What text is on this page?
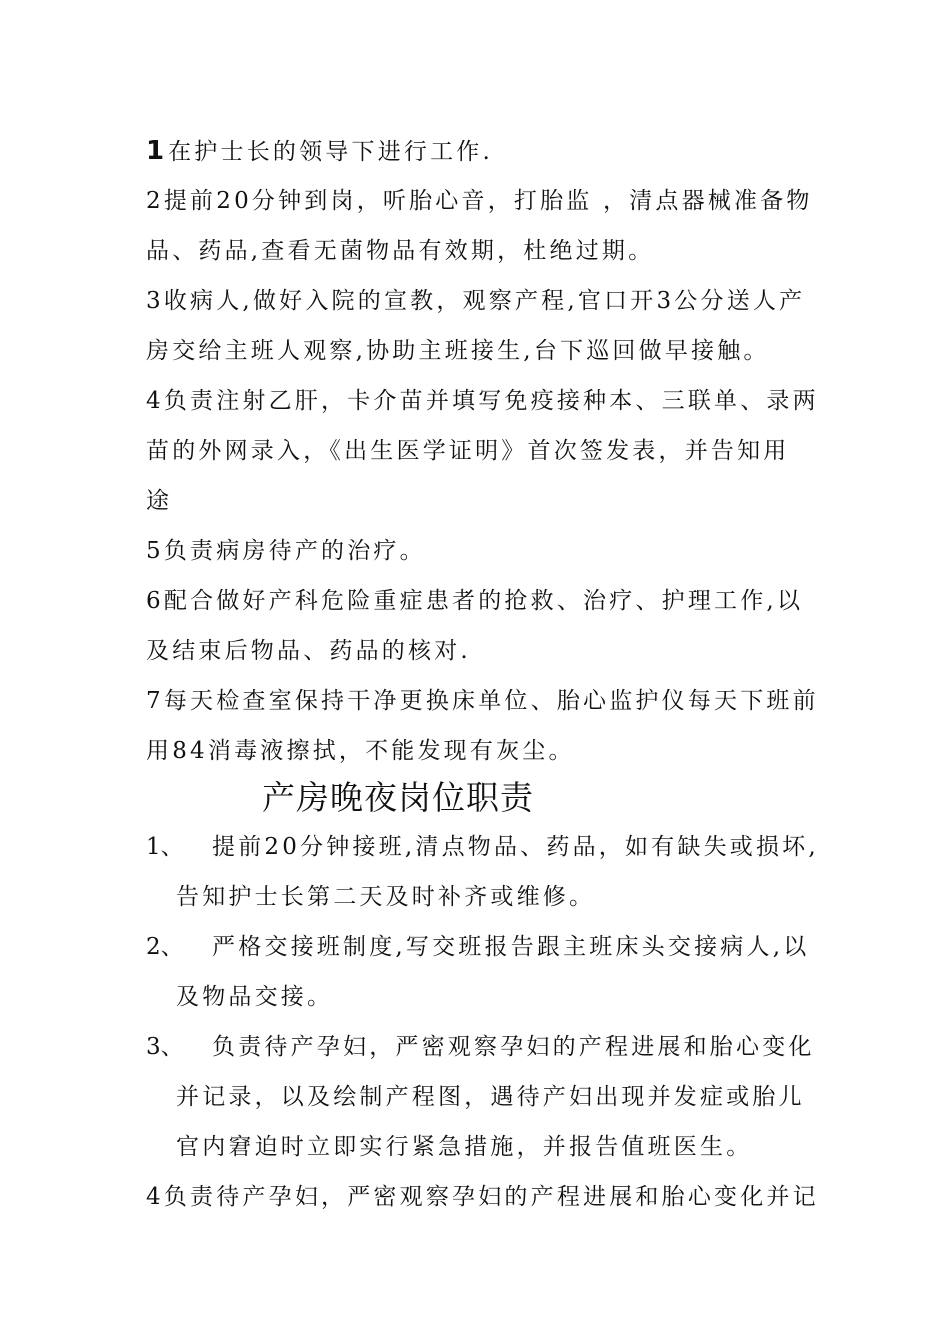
1 在护士长的领导下进行工作.
2提前20分钟到岗，听胎心音，打胎监 ，清点器械准备物
品、药品,查看无菌物品有效期，杜绝过期。
3收病人,做好入院的宣教，观察产程,官口开3公分送人产
房交给主班人观察,协助主班接生,台下巡回做早接触。
4负责注射乙肝，卡介苗并填写免疫接种本、三联单、录两
苗的外网录入，《出生医学证明》首次签发表，并告知用
途
5负责病房待产的治疗。
6配合做好产科危险重症患者的抢救、治疗、护理工作,以
及结束后物品、药品的核对.
7每天检查室保持干净更换床单位、胎心监护仪每天下班前
用84消毒液擦拭，不能发现有灰尘。
产房晚夜岗位职责
1、 提前20分钟接班,清点物品、药品，如有缺失或损坏,
告知护士长第二天及时补齐或维修。
2、 严格交接班制度,写交班报告跟主班床头交接病人,以
及物品交接。
3、 负责待产孕妇，严密观察孕妇的产程进展和胎心变化
并记录，以及绘制产程图，遇待产妇出现并发症或胎儿
官内窘迫时立即实行紧急措施，并报告值班医生。
4负责待产孕妇，严密观察孕妇的产程进展和胎心变化并记
